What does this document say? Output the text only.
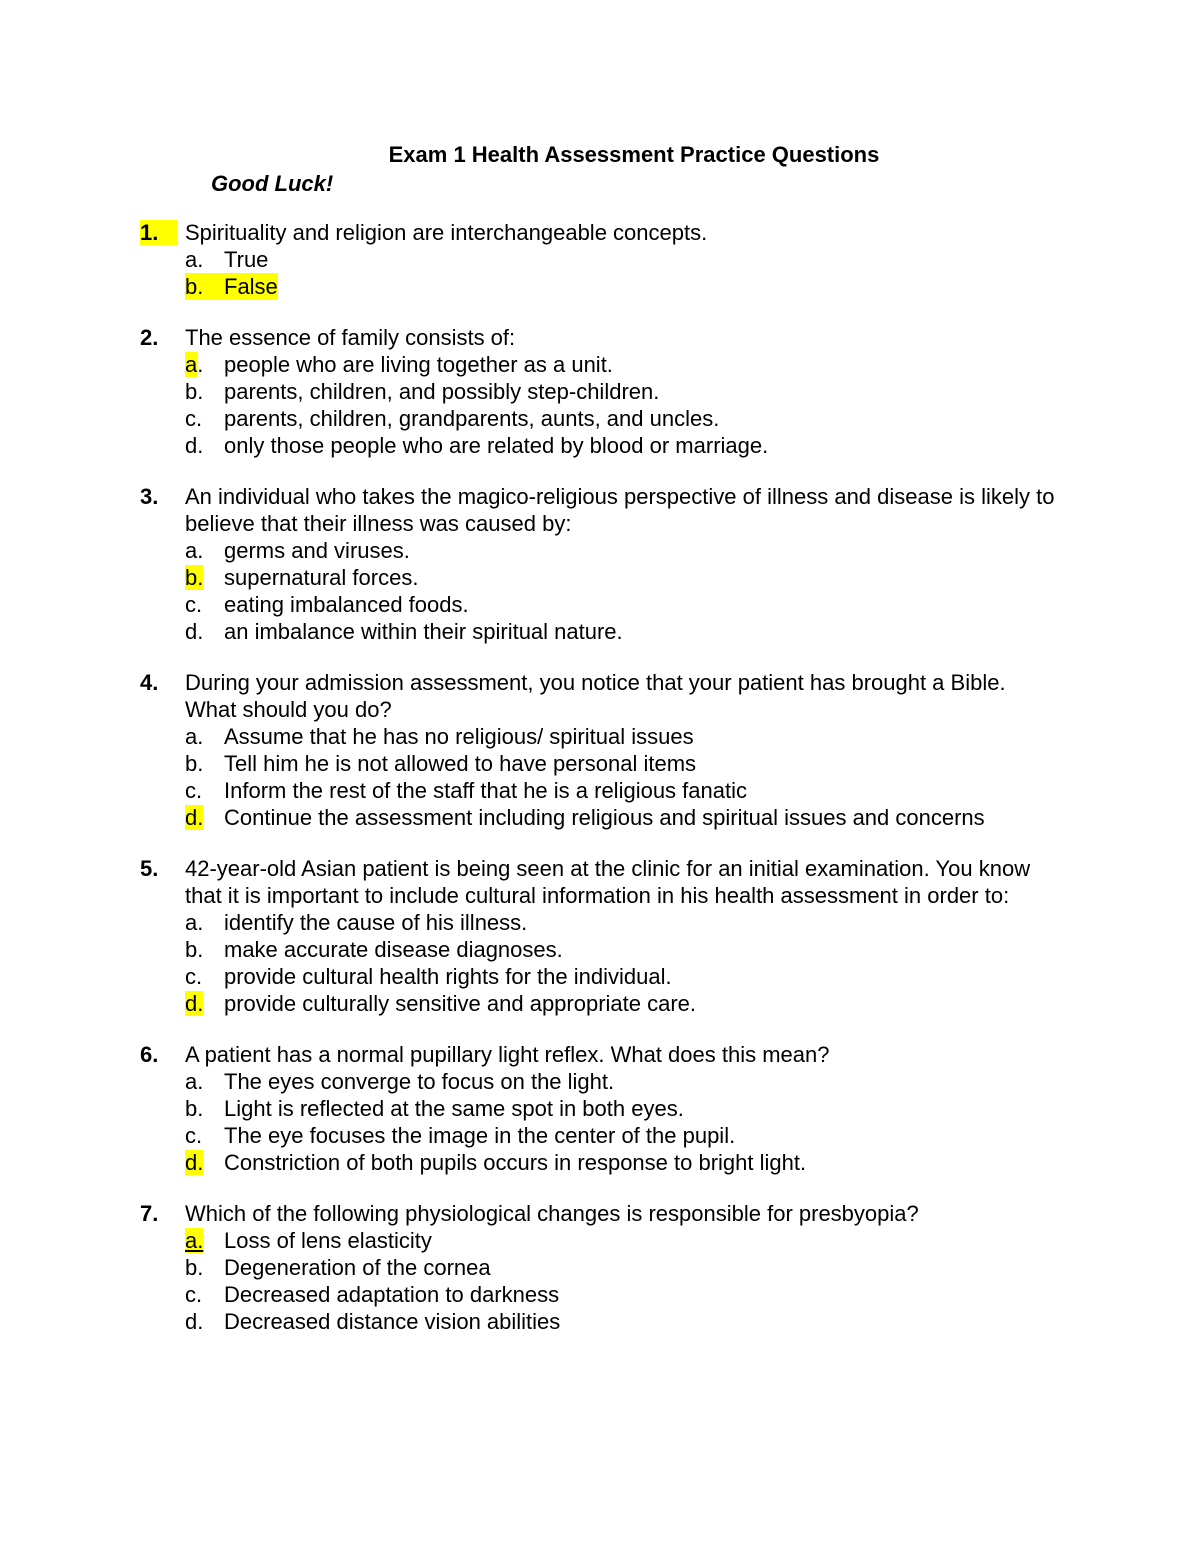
Exam 1 Health Assessment Practice Questions
Good Luck!
1.	Spirituality and religion are interchangeable concepts.
a. True
b. False
2.	The essence of family consists of:
a. people who are living together as a unit.
b. parents, children, and possibly step-children.
c. parents, children, grandparents, aunts, and uncles.
d. only those people who are related by blood or marriage.
3.	An individual who takes the magico-religious perspective of illness and disease is likely to believe that their illness was caused by:
a. germs and viruses.
b. supernatural forces.
c. eating imbalanced foods.
d. an imbalance within their spiritual nature.
4.	During your admission assessment, you notice that your patient has brought a Bible. What should you do?
a. Assume that he has no religious/ spiritual issues
b. Tell him he is not allowed to have personal items
c. Inform the rest of the staff that he is a religious fanatic
d. Continue the assessment including religious and spiritual issues and concerns
5.	42-year-old Asian patient is being seen at the clinic for an initial examination. You know that it is important to include cultural information in his health assessment in order to:
a. identify the cause of his illness.
b. make accurate disease diagnoses.
c. provide cultural health rights for the individual.
d. provide culturally sensitive and appropriate care.
6.	A patient has a normal pupillary light reflex. What does this mean?
a. The eyes converge to focus on the light.
b. Light is reflected at the same spot in both eyes.
c. The eye focuses the image in the center of the pupil.
d. Constriction of both pupils occurs in response to bright light.
7.	Which of the following physiological changes is responsible for presbyopia?
a. Loss of lens elasticity
b. Degeneration of the cornea
c. Decreased adaptation to darkness
d. Decreased distance vision abilities
